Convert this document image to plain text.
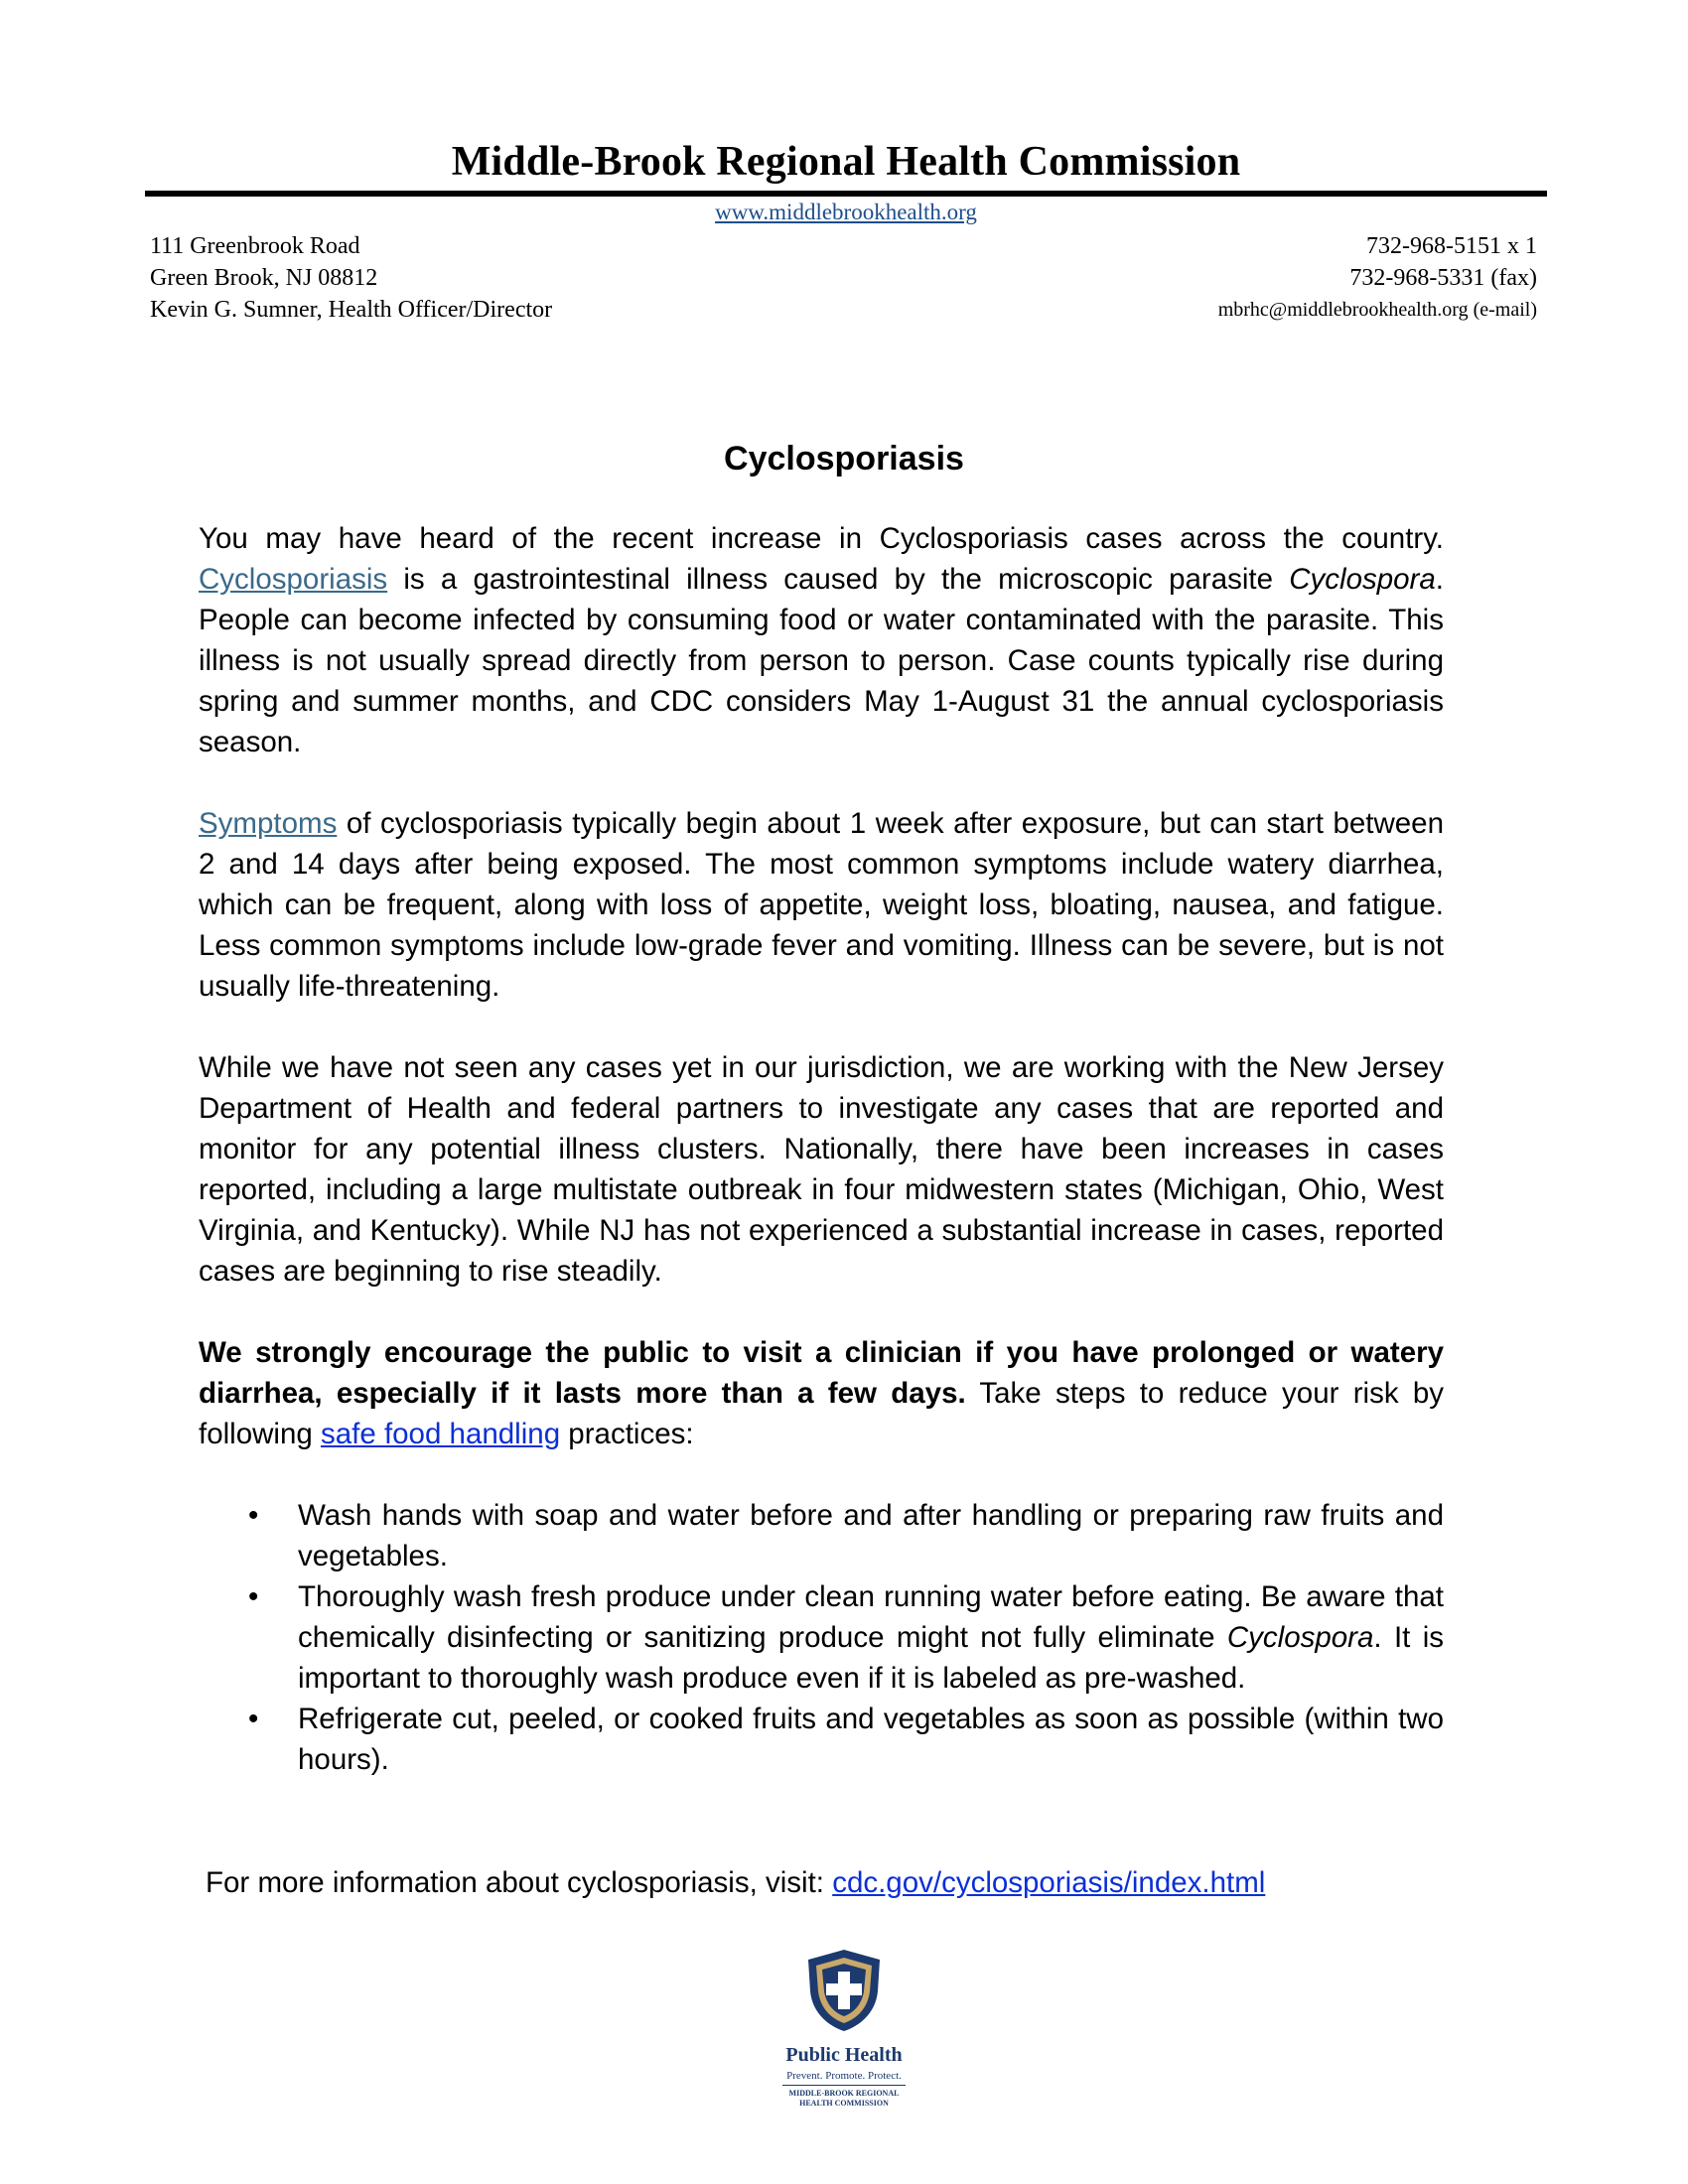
Middle-Brook Regional Health Commission
www.middlebrookhealth.org
111 Greenbrook Road
Green Brook, NJ 08812
Kevin G. Sumner, Health Officer/Director
732-968-5151 x 1
732-968-5331 (fax)
mbrhc@middlebrookhealth.org (e-mail)
Cyclosporiasis

You may have heard of the recent increase in Cyclosporiasis cases across the country. Cyclosporiasis is a gastrointestinal illness caused by the microscopic parasite Cyclospora. People can become infected by consuming food or water contaminated with the parasite. This illness is not usually spread directly from person to person. Case counts typically rise during spring and summer months, and CDC considers May 1-August 31 the annual cyclosporiasis season.

Symptoms of cyclosporiasis typically begin about 1 week after exposure, but can start between 2 and 14 days after being exposed. The most common symptoms include watery diarrhea, which can be frequent, along with loss of appetite, weight loss, bloating, nausea, and fatigue. Less common symptoms include low-grade fever and vomiting. Illness can be severe, but is not usually life-threatening.

While we have not seen any cases yet in our jurisdiction, we are working with the New Jersey Department of Health and federal partners to investigate any cases that are reported and monitor for any potential illness clusters. Nationally, there have been increases in cases reported, including a large multistate outbreak in four midwestern states (Michigan, Ohio, West Virginia, and Kentucky). While NJ has not experienced a substantial increase in cases, reported cases are beginning to rise steadily.

We strongly encourage the public to visit a clinician if you have prolonged or watery diarrhea, especially if it lasts more than a few days. Take steps to reduce your risk by following safe food handling practices:

•	Wash hands with soap and water before and after handling or preparing raw fruits and vegetables.
•	Thoroughly wash fresh produce under clean running water before eating. Be aware that chemically disinfecting or sanitizing produce might not fully eliminate Cyclospora. It is important to thoroughly wash produce even if it is labeled as pre-washed.
•	Refrigerate cut, peeled, or cooked fruits and vegetables as soon as possible (within two hours).
For more information about cyclosporiasis, visit: cdc.gov/cyclosporiasis/index.html
Public Health
Prevent. Promote. Protect.
MIDDLE-BROOK REGIONAL
HEALTH COMMISSION
